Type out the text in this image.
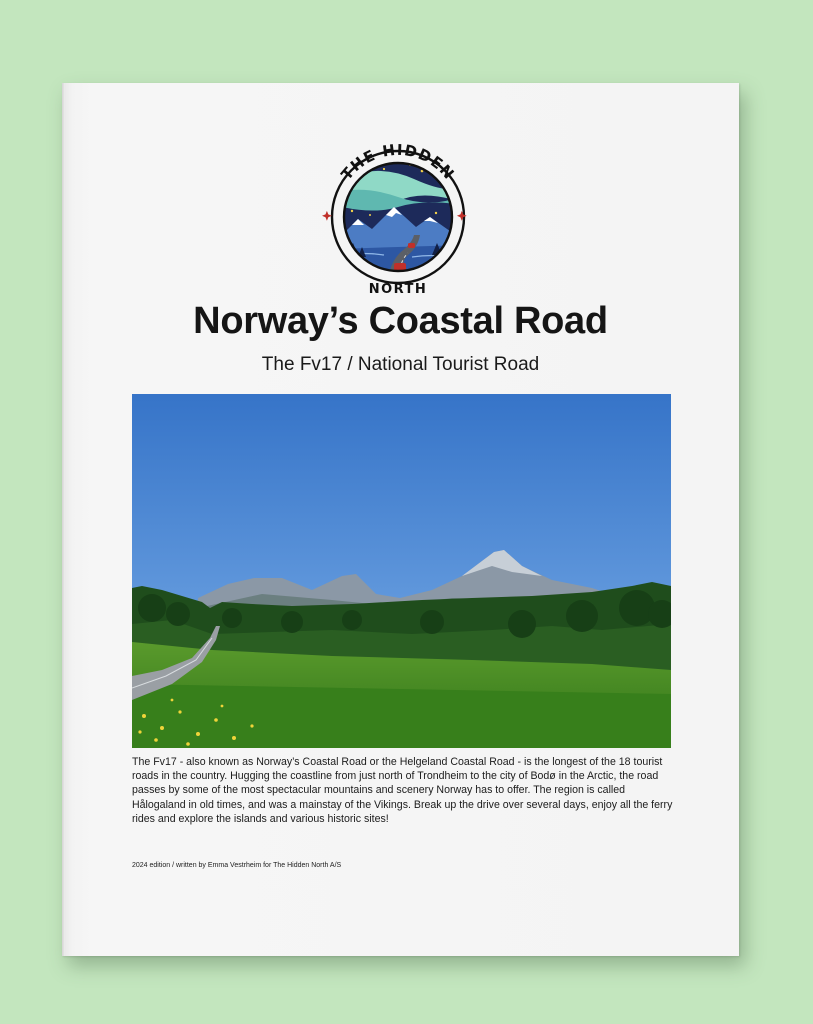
THE HIDDEN
NORTH
Norway’s Coastal Road
The Fv17 / National Tourist Road
The Fv17 - also known as Norway’s Coastal Road or the Helgeland Coastal Road - is the longest of the 18 tourist roads in the country. Hugging the coastline from just north of Trondheim to the city of Bodø in the Arctic, the road passes by some of the most spectacular mountains and scenery Norway has to offer. The region is called Hålogaland in old times, and was a mainstay of the Vikings. Break up the drive over several days, enjoy all the ferry rides and explore the islands and various historic sites!
2024 edition / written by Emma Vestrheim for The Hidden North A/S
